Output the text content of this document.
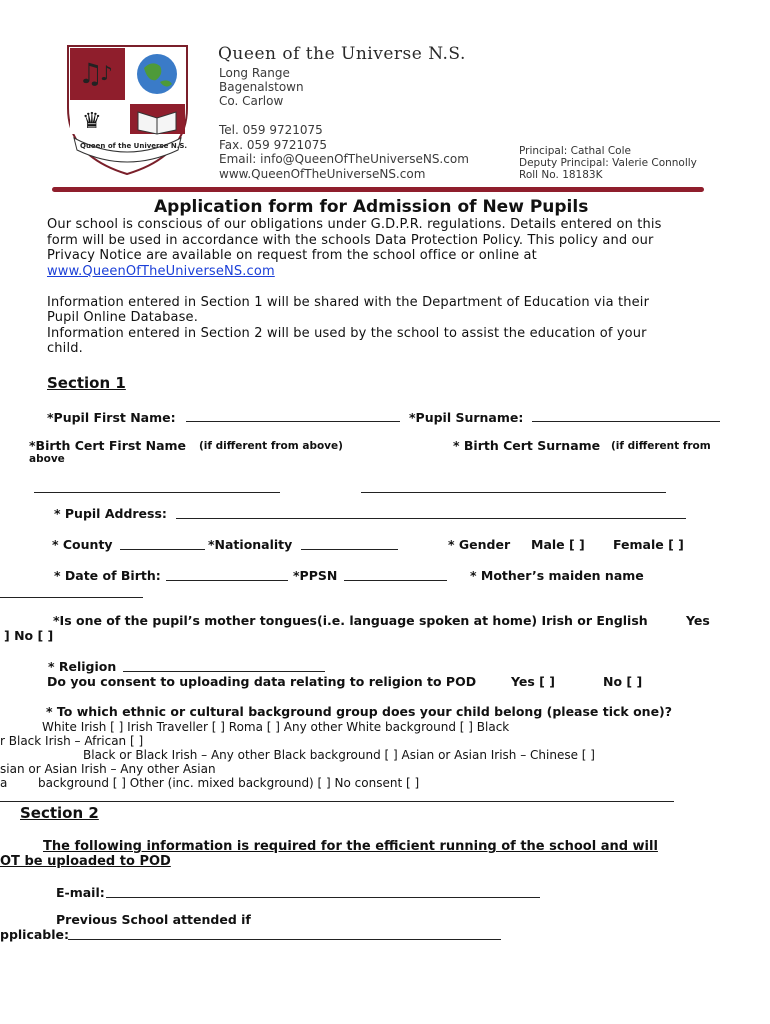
♫
♪
♛
Queen of the Universe N.S.
Queen of the Universe N.S.
Long Range
Bagenalstown
Co. Carlow
Tel. 059 9721075
Fax. 059 9721075
Email: info@QueenOfTheUniverseNS.com
www.QueenOfTheUniverseNS.com
Principal: Cathal Cole
Deputy Principal: Valerie Connolly
Roll No. 18183K
Application form for Admission of New Pupils
Our school is conscious of our obligations under G.D.P.R. regulations. Details entered on this
form will be used in accordance with the schools Data Protection Policy. This policy and our
Privacy Notice are available on request from the school office or online at
www.QueenOfTheUniverseNS.com
Information entered in Section 1 will be shared with the Department of Education via their
Pupil Online Database.
Information entered in Section 2 will be used by the school to assist the education of your
child.
Section 1
*Pupil First Name:	*Pupil Surname:
*Birth Cert First Name (if different from above)	* Birth Cert Surname (if different from
above
* Pupil Address:
* County	*Nationality	* Gender Male [ ] Female [ ]
* Date of Birth:	*PPSN	* Mother’s maiden name
*Is one of the pupil’s mother tongues(i.e. language spoken at home) Irish or English	Yes
] No [ ]
* Religion
Do you consent to uploading data relating to religion to POD	Yes [ ]	No [ ]
* To which ethnic or cultural background group does your child belong (please tick one)?
White Irish [ ] Irish Traveller [ ] Roma [ ] Any other White background [ ] Black
r Black Irish – African [ ]
Black or Black Irish – Any other Black background [ ] Asian or Asian Irish – Chinese [ ]
sian or Asian Irish – Any other Asian
a	background [ ] Other (inc. mixed background) [ ] No consent [ ]
Section 2
The following information is required for the efficient running of the school and will
OT be uploaded to POD
E-mail:
Previous School attended if
pplicable:
